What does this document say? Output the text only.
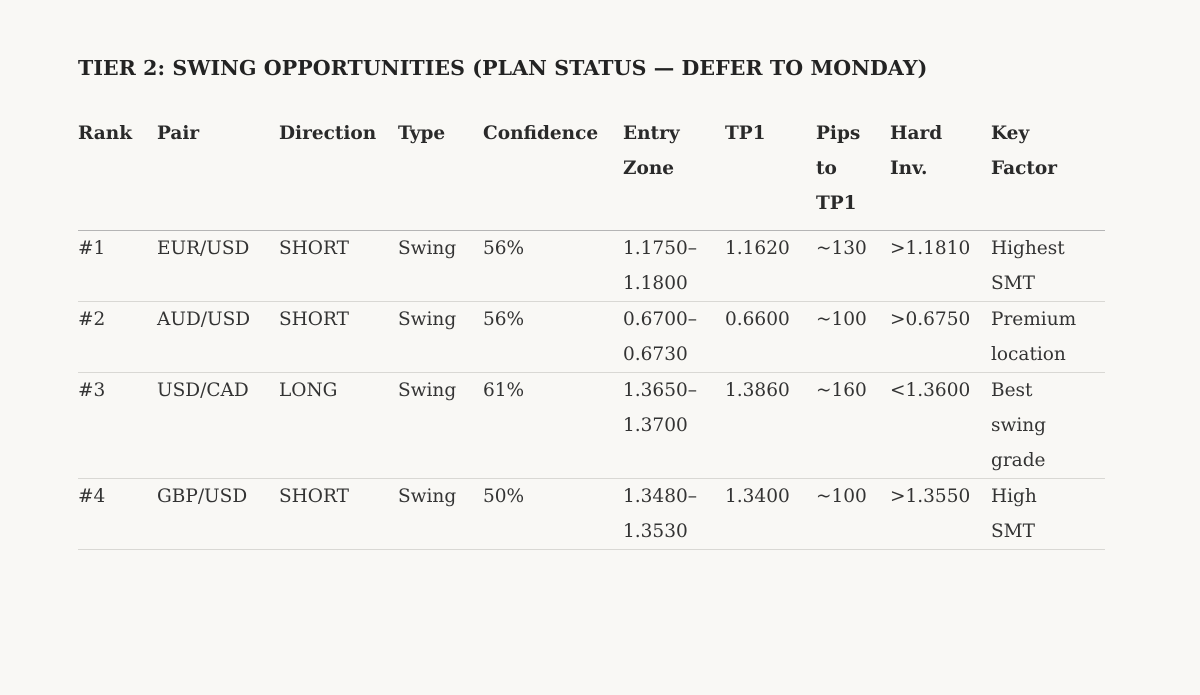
TIER 2: SWING OPPORTUNITIES (PLAN STATUS — DEFER TO MONDAY)
Rank	Pair	Direction	Type	Confidence	Entry
Zone	TP1	Pips
to
TP1	Hard
Inv.	Key
Factor

#1	EUR/USD	SHORT	Swing	56%	1.1750–
1.1800	1.1620	~130	>1.1810	Highest
SMT

#2	AUD/USD	SHORT	Swing	56%	0.6700–
0.6730	0.6600	~100	>0.6750	Premium
location

#3	USD/CAD	LONG	Swing	61%	1.3650–
1.3700	1.3860	~160	<1.3600	Best
swing
grade

#4	GBP/USD	SHORT	Swing	50%	1.3480–
1.3530	1.3400	~100	>1.3550	High
SMT
